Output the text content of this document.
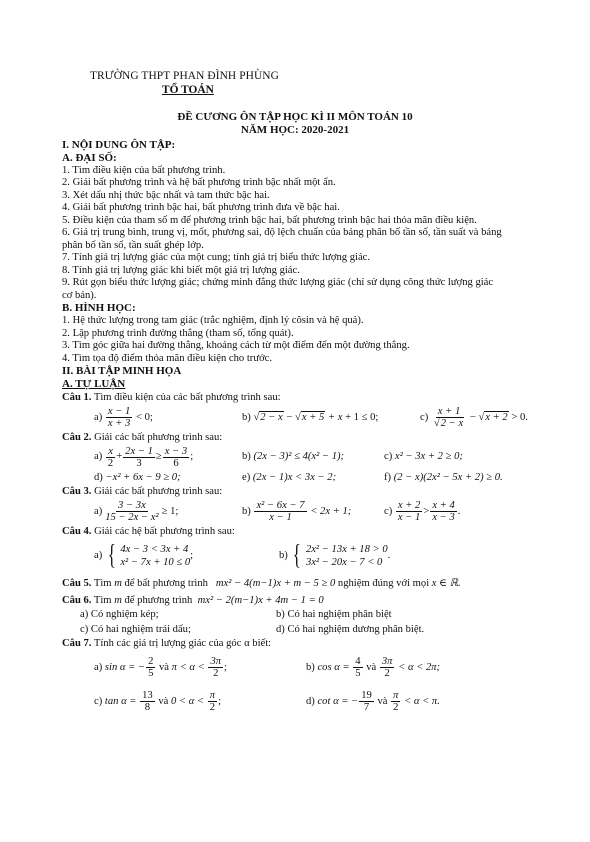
TRƯỜNG THPT PHAN ĐÌNH PHÙNG
TỔ TOÁN
ĐỀ CƯƠNG ÔN TẬP HỌC KÌ II MÔN TOÁN 10
NĂM HỌC: 2020-2021

I. NỘI DUNG ÔN TẬP:

A. ĐẠI SỐ:

1. Tìm điều kiện của bất phương trình.

2. Giải bất phương trình và hệ bất phương trình bậc nhất một ẩn.

3. Xét dấu nhị thức bậc nhất và tam thức bậc hai.

4. Giải bất phương trình bậc hai, bất phương trình đưa về bậc hai.

5. Điều kiện của tham số m để phương trình bậc hai, bất phương trình bậc hai thỏa mãn điều kiện.

6. Giá trị trung bình, trung vị, mốt, phương sai, độ lệch chuẩn của bảng phân bố tần số, tần suất và bảng

phân bố tần số, tần suất ghép lớp.

7. Tính giá trị lượng giác của một cung; tính giá trị biểu thức lượng giác.

8. Tính giá trị lượng giác khi biết một giá trị lượng giác.

9. Rút gọn biểu thức lượng giác; chứng minh đẳng thức lượng giác (chỉ sử dụng công thức lượng giác

cơ bản).

B. HÌNH HỌC:

1. Hệ thức lượng trong tam giác (trắc nghiệm, định lý côsin và hệ quả).

2. Lập phương trình đường thẳng (tham số, tổng quát).

3. Tìm góc giữa hai đường thẳng, khoảng cách từ một điểm đến một đường thẳng.

4. Tìm tọa độ điểm thỏa mãn điều kiện cho trước.

II. BÀI TẬP MINH HỌA

A. TỰ LUẬN

Câu 1. Tìm điều kiện của các bất phương trình sau:

$a) \frac{x - 1}{x + 3} < 0$;	b) √ 2 − x − √ x + 5
+ x + 1 ≤ 0;	$c) \frac{x + 1}{√2 - x}$ − √ x + 2 > 0.

Câu 2. Giải các bất phương trình sau:

$a) \frac{x}{2} + \frac{2x - 1}{3} \ge \frac{x - 3}{6}$ ;	b) (2x − 3)² ≤ 4(x² − 1);	c) x² − 3x + 2 ≥ 0;
d) −x² + 6x − 9 ≥ 0;	e) (2x − 1)x < 3x − 2;	f) (2 − x)(2x² − 5x + 2) ≥ 0.

Câu 3. Giải các bất phương trình sau:

$a) \frac{3 - 3x}{\text{15 − 2x − x²}} \ge 1$;	$b) \frac{\text{x² − 6x − 7}}{x - 1}$
< 2x + 1;	$c) \frac{x + 2}{x - 1} > \frac{x + 4}{x - 3}$ .

Câu 4. Giải các hệ bất phương trình sau:

a) { 4x − 3 < 3x + 4
x² − 7x + 10 ≤ 0
;	b) { 2x² − 13x + 18 > 0
3x² − 20x − 7 < 0
.

Câu 5. Tìm m để bất phương trình   mx² − 4(m−1)x + m − 5 ≥ 0 nghiệm đúng với mọi x ∈ ℝ.

Câu 6. Tìm m để phương trình  mx² − 2(m−1)x + 4m − 1 = 0

a) Có nghiệm kép;	b) Có hai nghiệm phân biệt
c) Có hai nghiệm trái dấu;	d) Có hai nghiệm dương phân biệt.

Câu 7. Tính các giá trị lượng giác của góc α biết:

a) sin α = − $\frac{2}{5}$ và π < α <
$\frac{3\pi}{2}$ ;	b) cos α =
$\frac{4}{5}$ và $\frac{3\pi}{2}$
< α < 2π;
c) tan α =
$\frac{13}{8}$ và 0 < α <
$\frac{\pi}{2}$ ;	d) cot α = − $\frac{19}{7}$ và $\frac{\pi}{2}$
< α < π.
